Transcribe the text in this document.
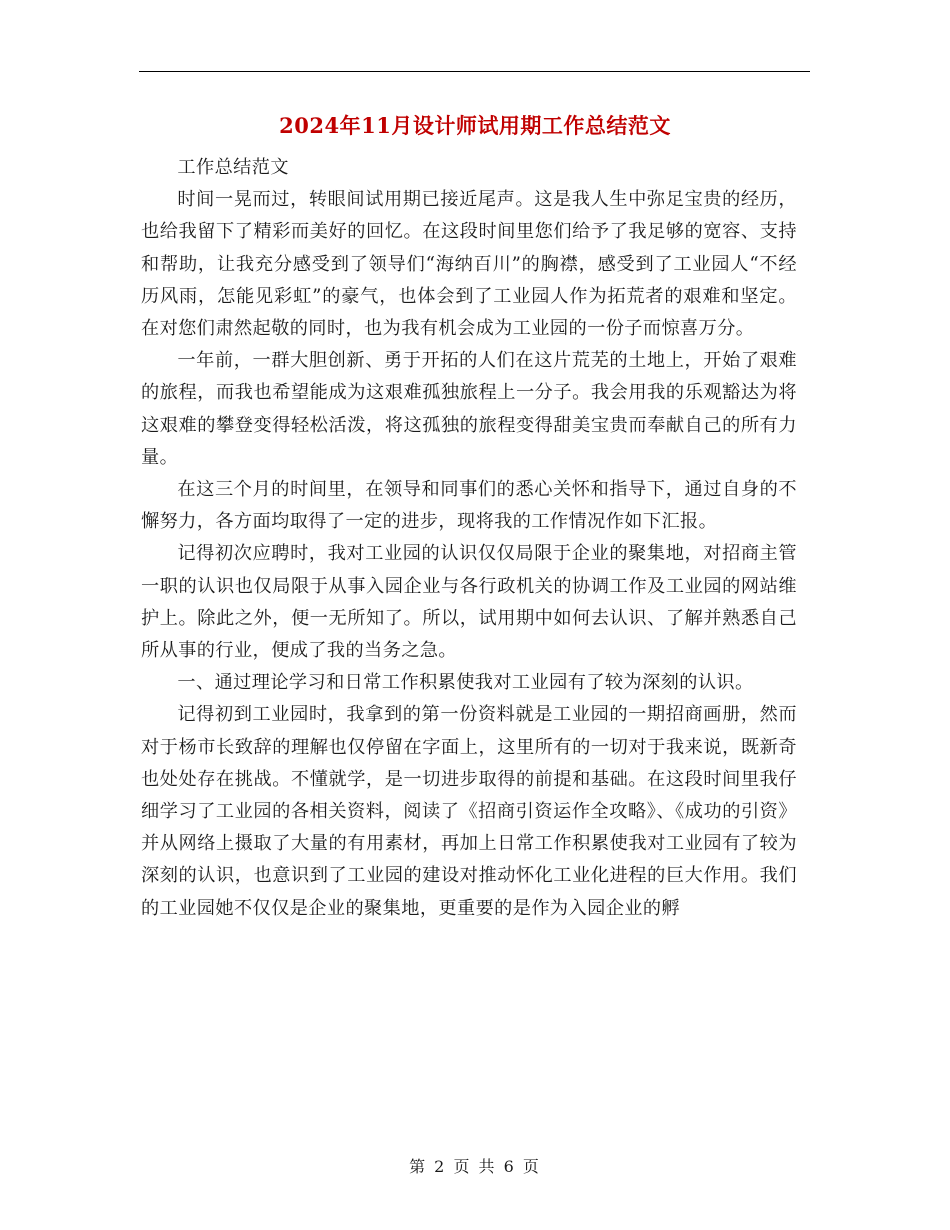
2024年11月设计师试用期工作总结范文

工作总结范文

时间一晃而过，转眼间试用期已接近尾声。这是我人生中弥足宝贵的经历，也给我留下了精彩而美好的回忆。在这段时间里您们给予了我足够的宽容、支持和帮助，让我充分感受到了领导们“海纳百川”的胸襟，感受到了工业园人“不经历风雨，怎能见彩虹”的豪气，也体会到了工业园人作为拓荒者的艰难和坚定。在对您们肃然起敬的同时，也为我有机会成为工业园的一份子而惊喜万分。

一年前，一群大胆创新、勇于开拓的人们在这片荒芜的土地上，开始了艰难的旅程，而我也希望能成为这艰难孤独旅程上一分子。我会用我的乐观豁达为将这艰难的攀登变得轻松活泼，将这孤独的旅程变得甜美宝贵而奉献自己的所有力量。

在这三个月的时间里，在领导和同事们的悉心关怀和指导下，通过自身的不懈努力，各方面均取得了一定的进步，现将我的工作情况作如下汇报。

记得初次应聘时，我对工业园的认识仅仅局限于企业的聚集地，对招商主管一职的认识也仅局限于从事入园企业与各行政机关的协调工作及工业园的网站维护上。除此之外，便一无所知了。所以，试用期中如何去认识、了解并熟悉自己所从事的行业，便成了我的当务之急。

一、通过理论学习和日常工作积累使我对工业园有了较为深刻的认识。

记得初到工业园时，我拿到的第一份资料就是工业园的一期招商画册，然而对于杨市长致辞的理解也仅停留在字面上，这里所有的一切对于我来说，既新奇也处处存在挑战。不懂就学，是一切进步取得的前提和基础。在这段时间里我仔细学习了工业园的各相关资料，阅读了《招商引资运作全攻略》、《成功的引资》并从网络上摄取了大量的有用素材，再加上日常工作积累使我对工业园有了较为深刻的认识，也意识到了工业园的建设对推动怀化工业化进程的巨大作用。我们的工业园她不仅仅是企业的聚集地，更重要的是作为入园企业的孵

第 2 页 共 6 页
